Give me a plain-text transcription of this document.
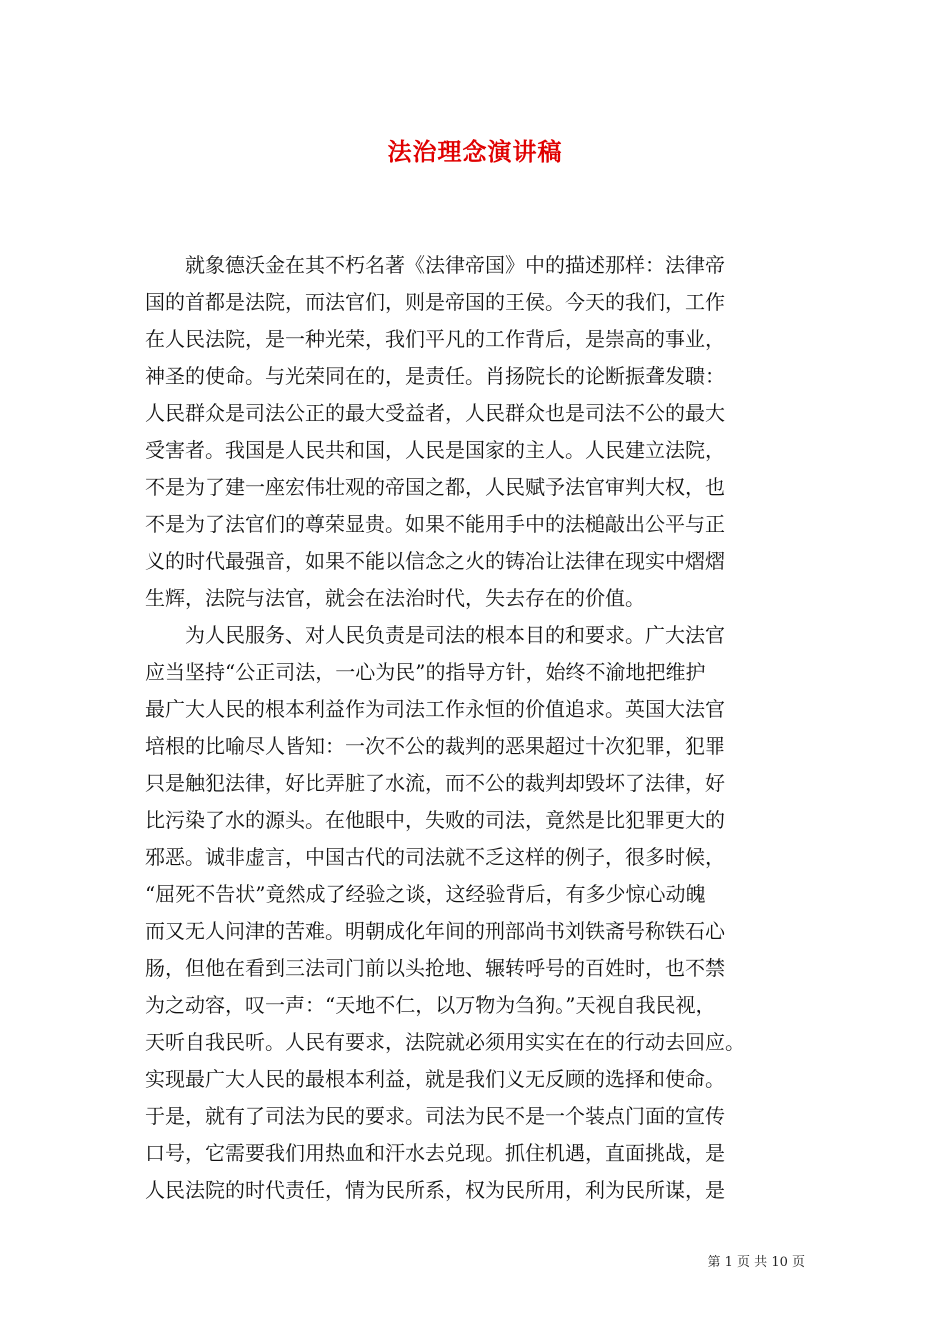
法治理念演讲稿
就象德沃金在其不朽名著《法律帝国》中的描述那样：法律帝
国的首都是法院，而法官们，则是帝国的王侯。今天的我们，工作
在人民法院，是一种光荣，我们平凡的工作背后，是崇高的事业，
神圣的使命。与光荣同在的，是责任。肖扬院长的论断振聋发聩：
人民群众是司法公正的最大受益者，人民群众也是司法不公的最大
受害者。我国是人民共和国，人民是国家的主人。人民建立法院，
不是为了建一座宏伟壮观的帝国之都，人民赋予法官审判大权，也
不是为了法官们的尊荣显贵。如果不能用手中的法槌敲出公平与正
义的时代最强音，如果不能以信念之火的铸冶让法律在现实中熠熠
生辉，法院与法官，就会在法治时代，失去存在的价值。
为人民服务、对人民负责是司法的根本目的和要求。广大法官
应当坚持“公正司法，一心为民”的指导方针，始终不渝地把维护
最广大人民的根本利益作为司法工作永恒的价值追求。英国大法官
培根的比喻尽人皆知：一次不公的裁判的恶果超过十次犯罪，犯罪
只是触犯法律，好比弄脏了水流，而不公的裁判却毁坏了法律，好
比污染了水的源头。在他眼中，失败的司法，竟然是比犯罪更大的
邪恶。诚非虚言，中国古代的司法就不乏这样的例子，很多时候，
“屈死不告状”竟然成了经验之谈，这经验背后，有多少惊心动魄
而又无人问津的苦难。明朝成化年间的刑部尚书刘铁斋号称铁石心
肠，但他在看到三法司门前以头抢地、辗转呼号的百姓时，也不禁
为之动容，叹一声：“天地不仁，以万物为刍狗。”天视自我民视，
天听自我民听。人民有要求，法院就必须用实实在在的行动去回应。
实现最广大人民的最根本利益，就是我们义无反顾的选择和使命。
于是，就有了司法为民的要求。司法为民不是一个装点门面的宣传
口号，它需要我们用热血和汗水去兑现。抓住机遇，直面挑战，是
人民法院的时代责任，情为民所系，权为民所用，利为民所谋，是
第 1 页 共 10 页
